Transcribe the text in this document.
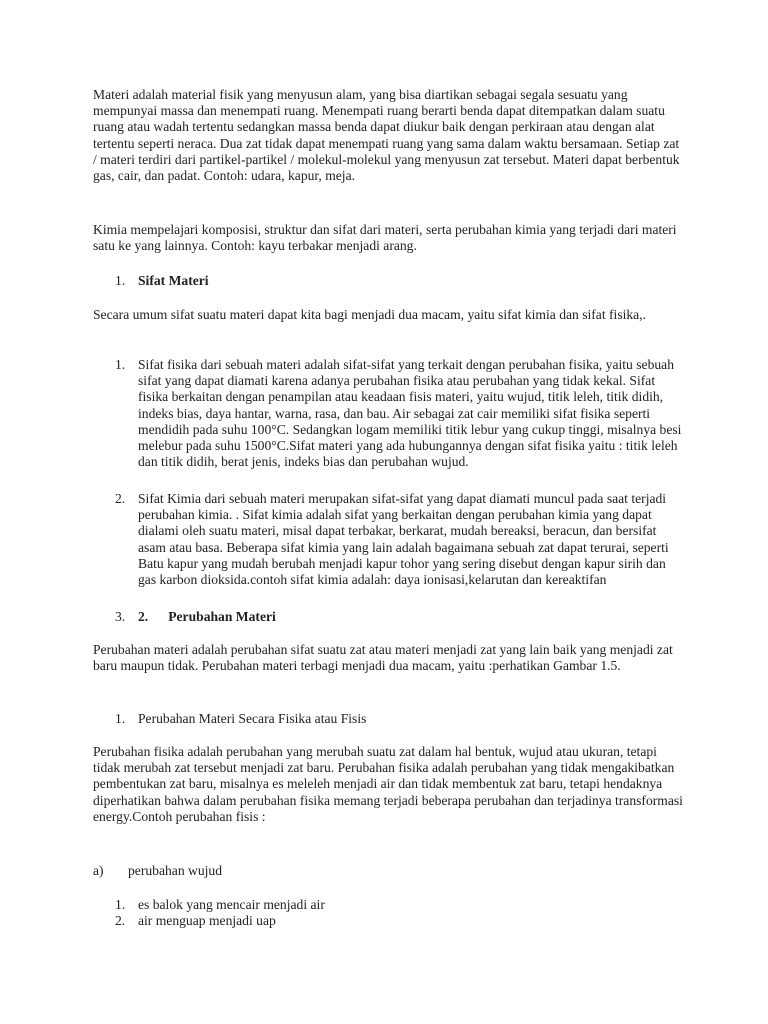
Materi adalah material fisik yang menyusun alam, yang bisa diartikan sebagai segala sesuatu yang mempunyai massa dan menempati ruang. Menempati ruang berarti benda dapat ditempatkan dalam suatu ruang atau wadah tertentu sedangkan massa benda dapat diukur baik dengan perkiraan atau dengan alat tertentu seperti neraca. Dua zat tidak dapat menempati ruang yang sama dalam waktu bersamaan. Setiap zat / materi terdiri dari partikel-partikel / molekul-molekul yang menyusun zat tersebut. Materi dapat berbentuk gas, cair, dan padat. Contoh: udara, kapur, meja.

Kimia mempelajari komposisi, struktur dan sifat dari materi, serta perubahan kimia yang terjadi dari materi satu ke yang lainnya. Contoh: kayu terbakar menjadi arang.

1. Sifat Materi

Secara umum sifat suatu materi dapat kita bagi menjadi dua macam, yaitu sifat kimia dan sifat fisika,.

1. Sifat fisika dari sebuah materi adalah sifat-sifat yang terkait dengan perubahan fisika, yaitu sebuah sifat yang dapat diamati karena adanya perubahan fisika atau perubahan yang tidak kekal. Sifat fisika berkaitan dengan penampilan atau keadaan fisis materi, yaitu wujud, titik leleh, titik didih, indeks bias, daya hantar, warna, rasa, dan bau. Air sebagai zat cair memiliki sifat fisika seperti mendidih pada suhu 100°C. Sedangkan logam memiliki titik lebur yang cukup tinggi, misalnya besi melebur pada suhu 1500°C.Sifat materi yang ada hubungannya dengan sifat fisika yaitu : titik leleh dan titik didih, berat jenis, indeks bias dan perubahan wujud.
2. Sifat Kimia dari sebuah materi merupakan sifat-sifat yang dapat diamati muncul pada saat terjadi perubahan kimia. . Sifat kimia adalah sifat yang berkaitan dengan perubahan kimia yang dapat dialami oleh suatu materi, misal dapat terbakar, berkarat, mudah bereaksi, beracun, dan bersifat asam atau basa. Beberapa sifat kimia yang lain adalah bagaimana sebuah zat dapat terurai, seperti Batu kapur yang mudah berubah menjadi kapur tohor yang sering disebut dengan kapur sirih dan gas karbon dioksida.contoh sifat kimia adalah: daya ionisasi,kelarutan dan kereaktifan
3. 2. Perubahan Materi

Perubahan materi adalah perubahan sifat suatu zat atau materi menjadi zat yang lain baik yang menjadi zat baru maupun tidak. Perubahan materi terbagi menjadi dua macam, yaitu :perhatikan Gambar 1.5.

1. Perubahan Materi Secara Fisika atau Fisis

Perubahan fisika adalah perubahan yang merubah suatu zat dalam hal bentuk, wujud atau ukuran, tetapi tidak merubah zat tersebut menjadi zat baru. Perubahan fisika adalah perubahan yang tidak mengakibatkan pembentukan zat baru, misalnya es meleleh menjadi air dan tidak membentuk zat baru, tetapi hendaknya diperhatikan bahwa dalam perubahan fisika memang terjadi beberapa perubahan dan terjadinya transformasi energy.Contoh perubahan fisis :

a) perubahan wujud
1. es balok yang mencair menjadi air
2. air menguap menjadi uap
